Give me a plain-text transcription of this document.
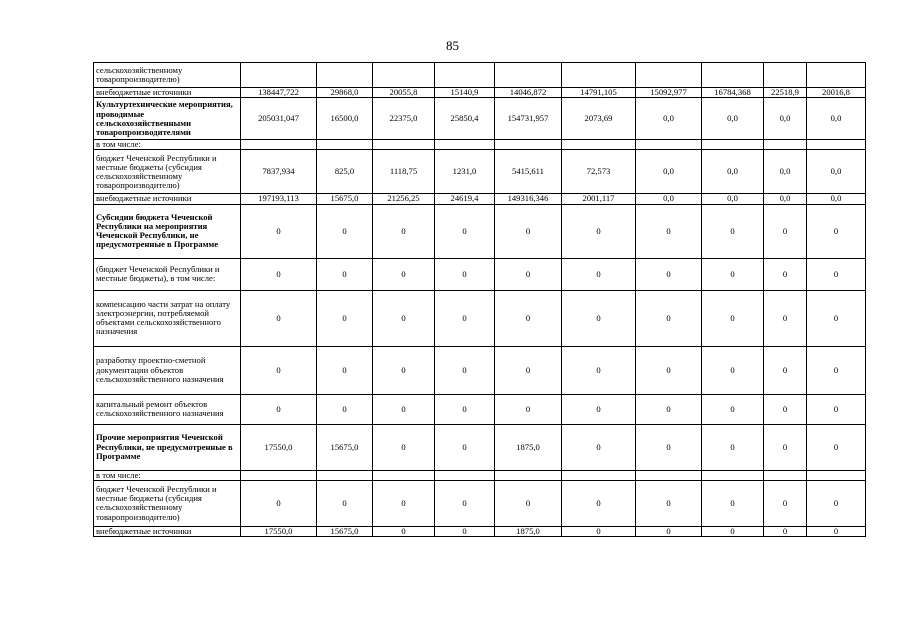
85
сельскохозяйственному товаропроизводителю)										
внебюджетные источники	138447,722	29868,0	20055,8	15140,9	14046,872	14791,105	15092,977	16784,368	22518,9	20016,8
Культуртехнические мероприятия, проводимые сельскохозяйственными товаропроизводителями	205031,047	16500,0	22375,0	25850,4	154731,957	2073,69	0,0	0,0	0,0	0,0
в том числе:										
бюджет Чеченской Республики и местные бюджеты (субсидия сельскохозяйственному товаропроизводителю)	7837,934	825,0	1118,75	1231,0	5415,611	72,573	0,0	0,0	0,0	0,0
внебюджетные источники	197193,113	15675,0	21256,25	24619,4	149316,346	2001,117	0,0	0,0	0,0	0,0
Субсидии бюджета Чеченской Республики на мероприятия Чеченской Республики, не предусмотренные в Программе	0	0	0	0	0	0	0	0	0	0
(бюджет Чеченской Республики и местные бюджеты), в том числе:	0	0	0	0	0	0	0	0	0	0
компенсацию части затрат на оплату электроэнергии, потребляемой объектами сельскохозяйственного назначения	0	0	0	0	0	0	0	0	0	0
разработку проектно-сметной документации объектов сельскохозяйственного назначения	0	0	0	0	0	0	0	0	0	0
капитальный ремонт объектов сельскохозяйственного назначения	0	0	0	0	0	0	0	0	0	0
Прочие мероприятия Чеченской Республики, не предусмотренные в Программе	17550,0	15675,0	0	0	1875,0	0	0	0	0	0
в том числе:										
бюджет Чеченской Республики и местные бюджеты (субсидия сельскохозяйственному товаропроизводителю)	0	0	0	0	0	0	0	0	0	0
внебюджетные источники	17550,0	15675,0	0	0	1875,0	0	0	0	0	0
